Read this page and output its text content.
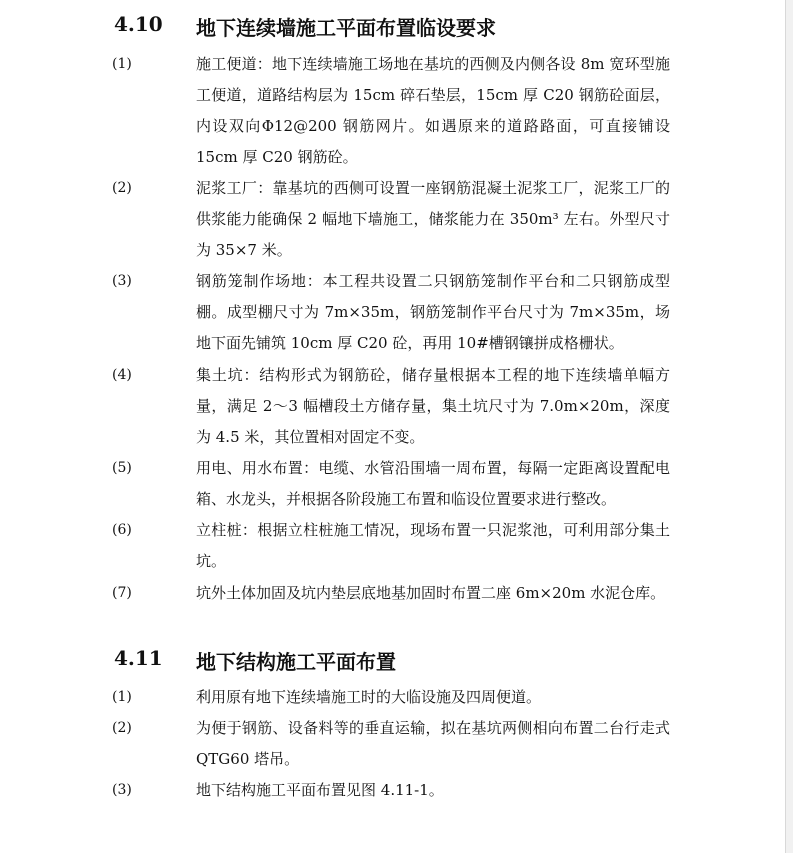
4.10 地下连续墙施工平面布置临设要求
(1)	施工便道：地下连续墙施工场地在基坑的西侧及内侧各设 8m 宽环型施工便道，道路结构层为 15cm 碎石垫层，15cm 厚 C20 钢筋砼面层，内设双向Φ12@200 钢筋网片。如遇原来的道路路面，可直接铺设 15cm 厚 C20 钢筋砼。
(2)	泥浆工厂：靠基坑的西侧可设置一座钢筋混凝土泥浆工厂，泥浆工厂的供浆能力能确保 2 幅地下墙施工，储浆能力在 350m³ 左右。外型尺寸为 35×7 米。
(3)	钢筋笼制作场地：本工程共设置二只钢筋笼制作平台和二只钢筋成型棚。成型棚尺寸为 7m×35m，钢筋笼制作平台尺寸为 7m×35m，场地下面先铺筑 10cm 厚 C20 砼，再用 10#槽钢镶拼成格栅状。
(4)	集土坑：结构形式为钢筋砼，储存量根据本工程的地下连续墙单幅方量，满足 2～3 幅槽段土方储存量，集土坑尺寸为 7.0m×20m，深度为 4.5 米，其位置相对固定不变。
(5)	用电、用水布置：电缆、水管沿围墙一周布置，每隔一定距离设置配电箱、水龙头，并根据各阶段施工布置和临设位置要求进行整改。
(6)	立柱桩：根据立柱桩施工情况，现场布置一只泥浆池，可利用部分集土坑。
(7)	坑外土体加固及坑内垫层底地基加固时布置二座 6m×20m 水泥仓库。
4.11 地下结构施工平面布置
(1)	利用原有地下连续墙施工时的大临设施及四周便道。
(2)	为便于钢筋、设备料等的垂直运输，拟在基坑两侧相向布置二台行走式 QTG60 塔吊。
(3)	地下结构施工平面布置见图 4.11-1。
